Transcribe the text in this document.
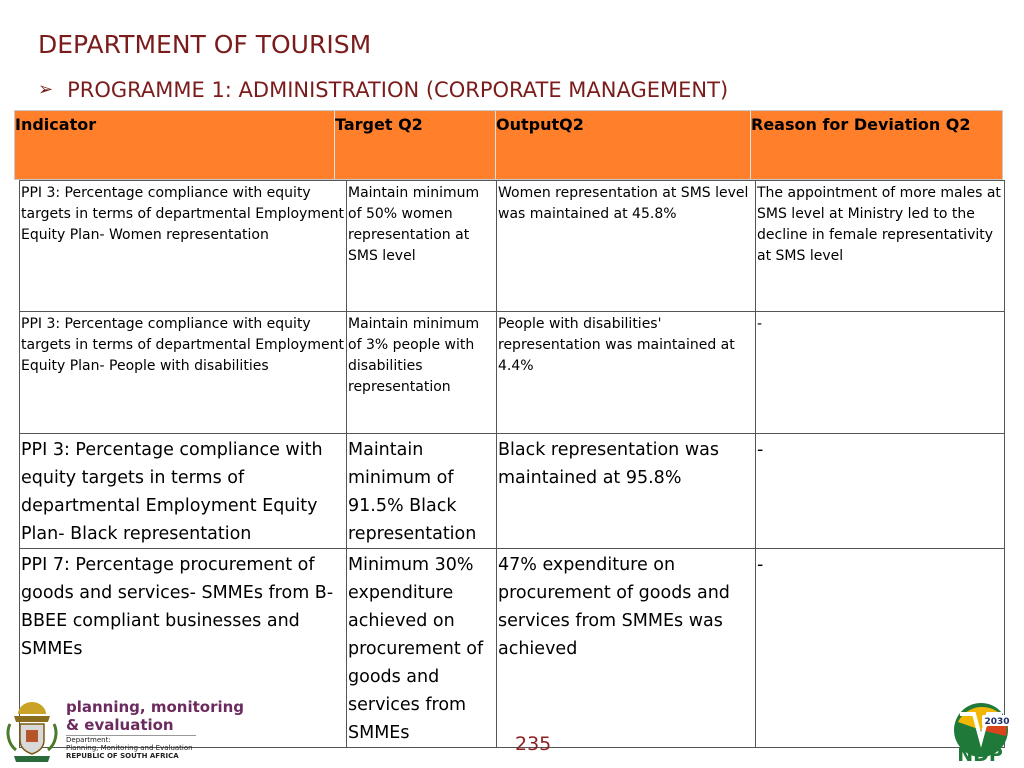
DEPARTMENT OF TOURISM
➢ PROGRAMME 1: ADMINISTRATION (CORPORATE MANAGEMENT)
Indicator	Target Q2	OutputQ2	Reason for Deviation Q2
PPI 3: Percentage compliance with equity targets in terms of departmental Employment Equity Plan- Women representation	Maintain minimum of 50% women representation at SMS level	Women representation at SMS level was maintained at 45.8%	The appointment of more males at SMS level at Ministry led to the decline in female representativity at SMS level
PPI 3: Percentage compliance with equity targets in terms of departmental Employment Equity Plan- People with disabilities	Maintain minimum of 3% people with disabilities representation	People with disabilities' representation was maintained at 4.4%	-
PPI 3: Percentage compliance with equity targets in terms of departmental Employment Equity Plan- Black representation	Maintain minimum of 91.5% Black representation	Black representation was maintained at 95.8%	-
PPI 7: Percentage procurement of goods and services- SMMEs from B-BBEE compliant businesses and SMMEs	Minimum 30% expenditure achieved on procurement of goods and services from SMMEs	47% expenditure on procurement of goods and services from SMMEs was achieved	-
planning, monitoring
& evaluation
Department:
Planning, Monitoring and Evaluation
REPUBLIC OF SOUTH AFRICA
235
2030
NDP
